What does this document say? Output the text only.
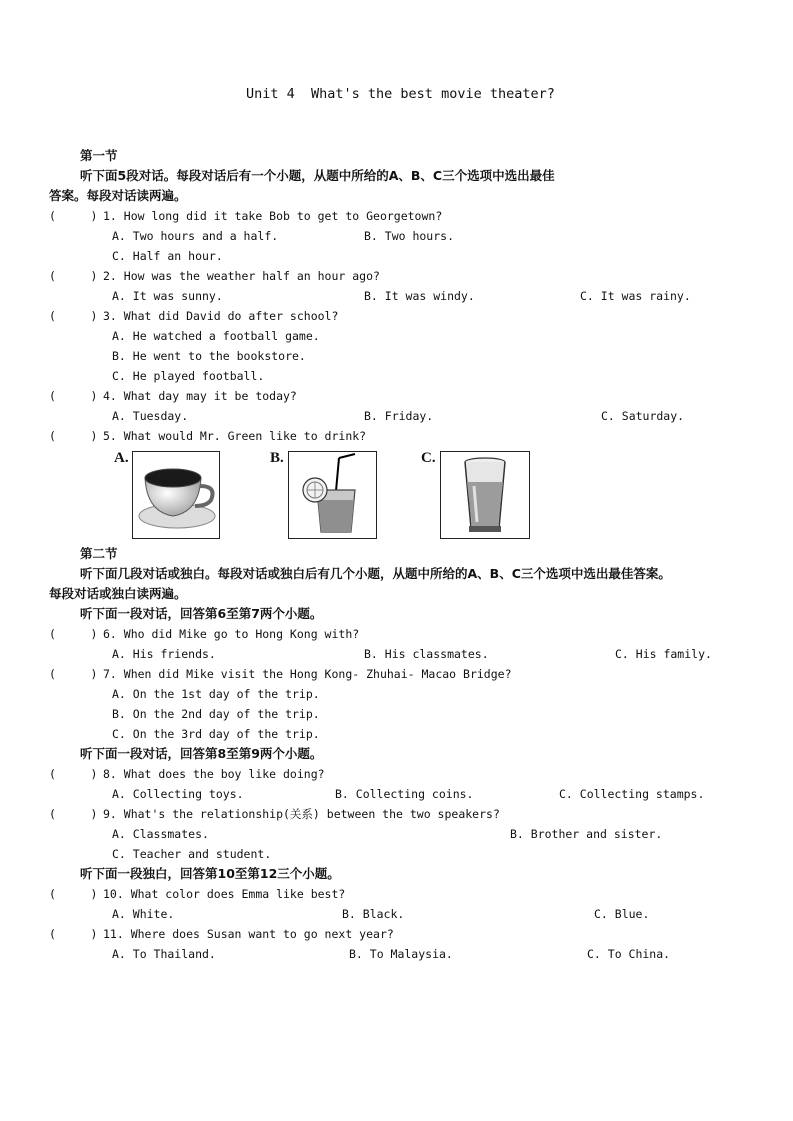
Unit 4  What's the best movie theater?
第一节
听下面5段对话。每段对话后有一个小题，从题中所给的A、B、C三个选项中选出最佳
答案。每段对话读两遍。
(     ) 1. How long did it take Bob to get to Georgetown?
A. Two hours and a half.	B. Two hours.
C. Half an hour.
(     ) 2. How was the weather half an hour ago?
A. It was sunny.	B. It was windy.	C. It was rainy.
(     ) 3. What did David do after school?
A. He watched a football game.
B. He went to the bookstore.
C. He played football.
(     ) 4. What day may it be today?
A. Tuesday.	B. Friday.	C. Saturday.
(     ) 5. What would Mr. Green like to drink?
A.	B.	C.
第二节
听下面几段对话或独白。每段对话或独白后有几个小题，从题中所给的A、B、C三个选项中选出最佳答案。
每段对话或独白读两遍。
听下面一段对话，回答第6至第7两个小题。
(     ) 6. Who did Mike go to Hong Kong with?
A. His friends.	B. His classmates.	C. His family.
(     ) 7. When did Mike visit the Hong Kong- Zhuhai- Macao Bridge?
A. On the 1st day of the trip.
B. On the 2nd day of the trip.
C. On the 3rd day of the trip.
听下面一段对话，回答第8至第9两个小题。
(     ) 8. What does the boy like doing?
A. Collecting toys.	B. Collecting coins.	C. Collecting stamps.
(     ) 9. What's the relationship(关系) between the two speakers?
A. Classmates.	B. Brother and sister.
C. Teacher and student.
听下面一段独白，回答第10至第12三个小题。
(     ) 10. What color does Emma like best?
A. White.	B. Black.	C. Blue.
(     ) 11. Where does Susan want to go next year?
A. To Thailand.	B. To Malaysia.	C. To China.
